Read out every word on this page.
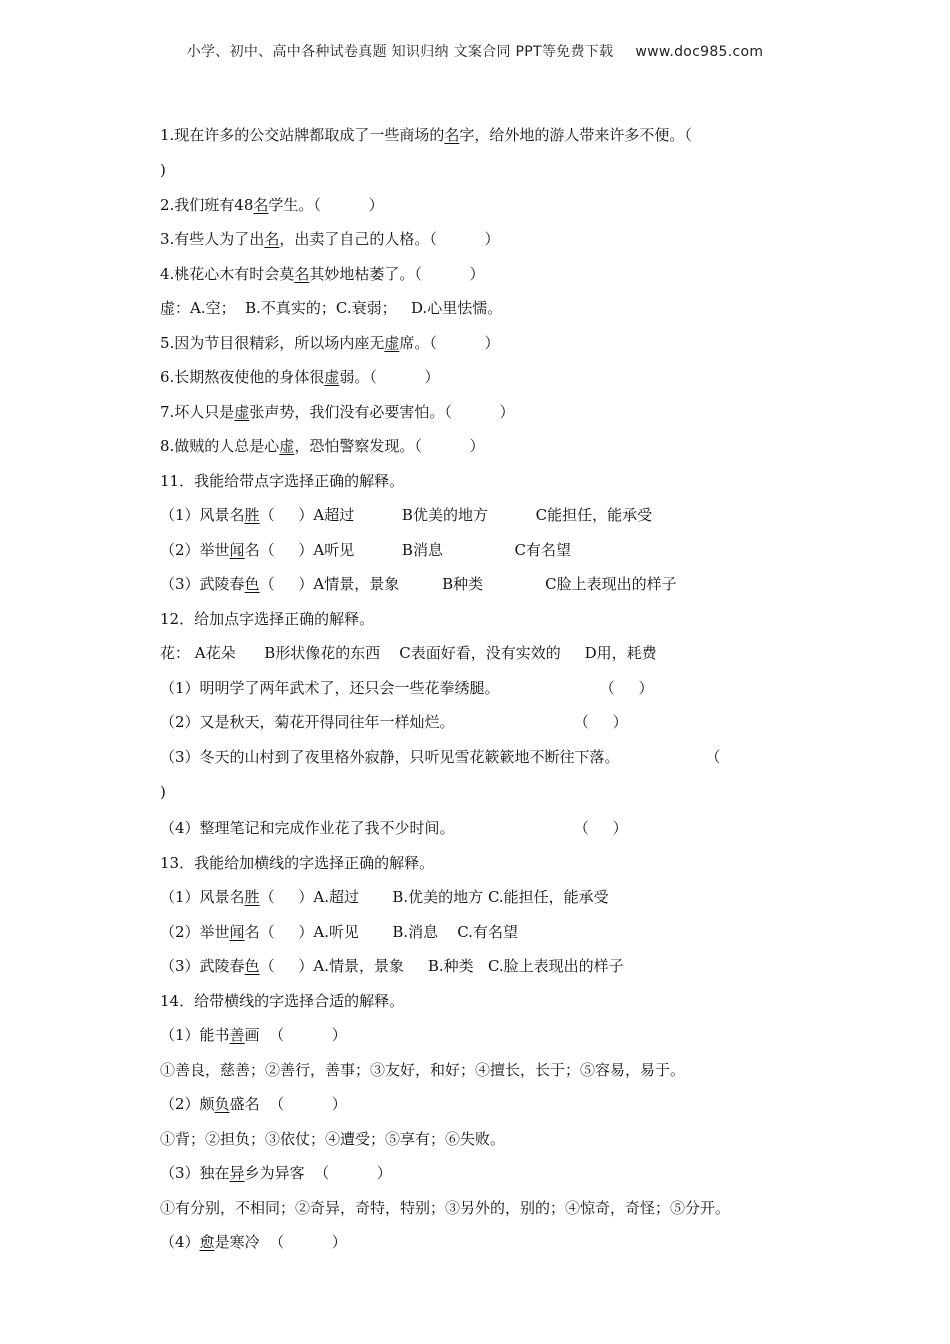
小学、初中、高中各种试卷真题 知识归纳 文案合同 PPT等免费下载 www.doc985.com
1.现在许多的公交站牌都取成了一些商场的名字，给外地的游人带来许多不便。（
)
2.我们班有48名学生。（          ）
3.有些人为了出名，出卖了自己的人格。（          ）
4.桃花心木有时会莫名其妙地枯萎了。（          ）
虚：A.空；  B.不真实的；C.衰弱；   D.心里怯懦。
5.因为节目很精彩，所以场内座无虚席。（          ）
6.长期熬夜使他的身体很虚弱。（          ）
7.坏人只是虚张声势，我们没有必要害怕。（          ）
8.做贼的人总是心虚，恐怕警察发现。（          ）
11．我能给带点字选择正确的解释。
（1）风景名胜（     ）A超过          B优美的地方          C能担任，能承受
（2）举世闻名（     ）A听见          B消息               C有名望
（3）武陵春色（     ）A情景，景象         B种类             C脸上表现出的样子
12．给加点字选择正确的解释。
花： A花朵      B形状像花的东西    C表面好看，没有实效的     D用，耗费
（1）明明学了两年武术了，还只会一些花拳绣腿。                     （     ）
（2）又是秋天，菊花开得同往年一样灿烂。                         （     ）
（3）冬天的山村到了夜里格外寂静，只听见雪花簌簌地不断往下落。                  （
)
（4）整理笔记和完成作业花了我不少时间。                         （     ）
13．我能给加横线的字选择正确的解释。
（1）风景名胜（     ）A.超过       B.优美的地方 C.能担任，能承受
（2）举世闻名（     ）A.听见       B.消息    C.有名望
（3）武陵春色（     ）A.情景，景象     B.种类   C.脸上表现出的样子
14．给带横线的字选择合适的解释。
（1）能书善画  （          ）
①善良，慈善；②善行，善事；③友好，和好；④擅长，长于；⑤容易，易于。
（2）颇负盛名  （          ）
①背；②担负；③依仗；④遭受；⑤享有；⑥失败。
（3）独在异乡为异客  （          ）
①有分别，不相同；②奇异，奇特，特别；③另外的，别的；④惊奇，奇怪；⑤分开。
（4）愈是寒冷  （          ）
